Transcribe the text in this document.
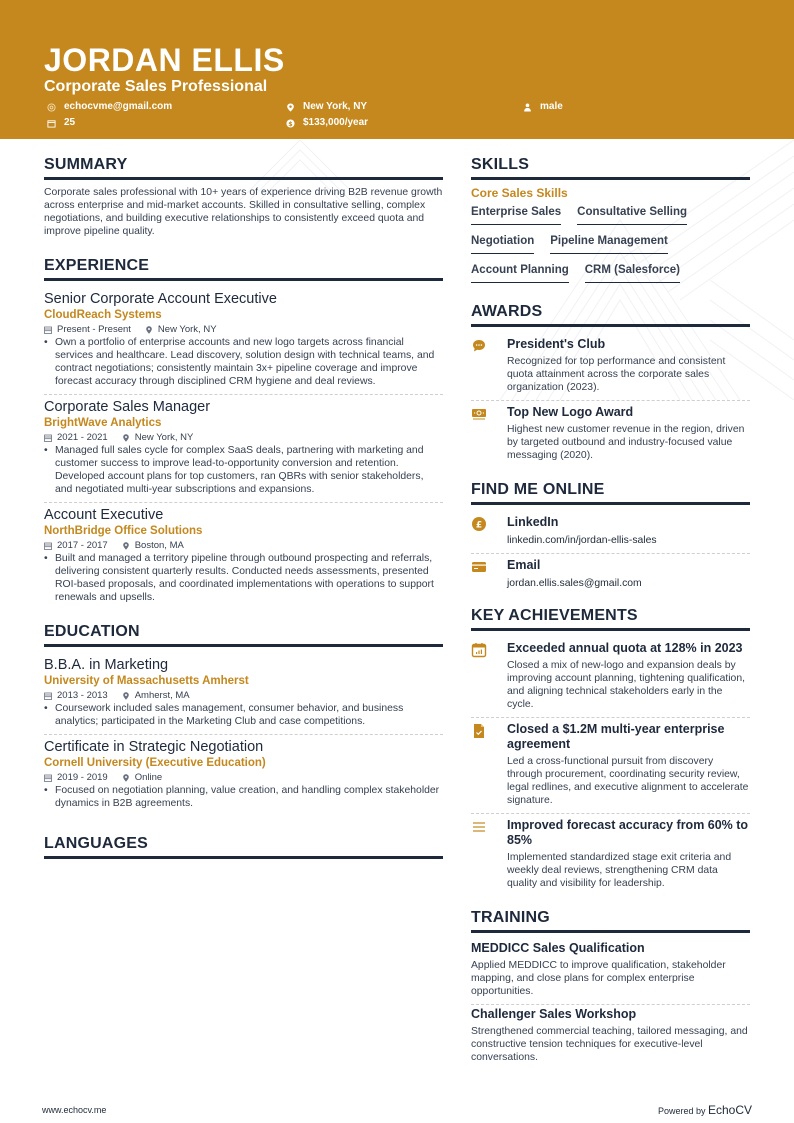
JORDAN ELLIS
Corporate Sales Professional
echocvme@gmail.com	New York, NY	male
25	$ $133,000/year
SUMMARY

Corporate sales professional with 10+ years of experience driving B2B revenue growth across enterprise and mid-market accounts. Skilled in consultative selling, complex negotiations, and building executive relationships to consistently exceed quota and improve pipeline quality.

EXPERIENCE
Senior Corporate Account Executive
CloudReach Systems
Present - Present	New York, NY
• Own a portfolio of enterprise accounts and new logo targets across financial services and healthcare. Lead discovery, solution design with technical teams, and contract negotiations; consistently maintain 3x+ pipeline coverage and improve forecast accuracy through disciplined CRM hygiene and deal reviews.
Corporate Sales Manager
BrightWave Analytics
2021 - 2021	New York, NY
• Managed full sales cycle for complex SaaS deals, partnering with marketing and customer success to improve lead-to-opportunity conversion and retention. Developed account plans for top customers, ran QBRs with senior stakeholders, and negotiated multi-year subscriptions and expansions.
Account Executive
NorthBridge Office Solutions
2017 - 2017	Boston, MA
• Built and managed a territory pipeline through outbound prospecting and referrals, delivering consistent quarterly results. Conducted needs assessments, presented ROI-based proposals, and coordinated implementations with operations to support renewals and upsells.
EDUCATION
B.B.A. in Marketing
University of Massachusetts Amherst
2013 - 2013	Amherst, MA
• Coursework included sales management, consumer behavior, and business analytics; participated in the Marketing Club and case competitions.
Certificate in Strategic Negotiation
Cornell University (Executive Education)
2019 - 2019	Online
• Focused on negotiation planning, value creation, and handling complex stakeholder dynamics in B2B agreements.
LANGUAGES
SKILLS
Core Sales Skills
Enterprise Sales Consultative Selling
Negotiation Pipeline Management
Account Planning CRM (Salesforce)
AWARDS
President's Club
Recognized for top performance and consistent quota attainment across the corporate sales organization (2023).
Top New Logo Award
Highest new customer revenue in the region, driven by targeted outbound and industry-focused value messaging (2020).
FIND ME ONLINE
£ LinkedIn
linkedin.com/in/jordan-ellis-sales
Email
jordan.ellis.sales@gmail.com
KEY ACHIEVEMENTS
Exceeded annual quota at 128% in 2023
Closed a mix of new-logo and expansion deals by improving account planning, tightening qualification, and aligning technical stakeholders early in the cycle.
Closed a $1.2M multi-year enterprise agreement
Led a cross-functional pursuit from discovery through procurement, coordinating security review, legal redlines, and executive alignment to accelerate signature.
Improved forecast accuracy from 60% to 85%
Implemented standardized stage exit criteria and weekly deal reviews, strengthening CRM data quality and visibility for leadership.
TRAINING
MEDDICC Sales Qualification
Applied MEDDICC to improve qualification, stakeholder mapping, and close plans for complex enterprise opportunities.
Challenger Sales Workshop
Strengthened commercial teaching, tailored messaging, and constructive tension techniques for executive-level conversations.
www.echocv.me	Powered by EchoCV
